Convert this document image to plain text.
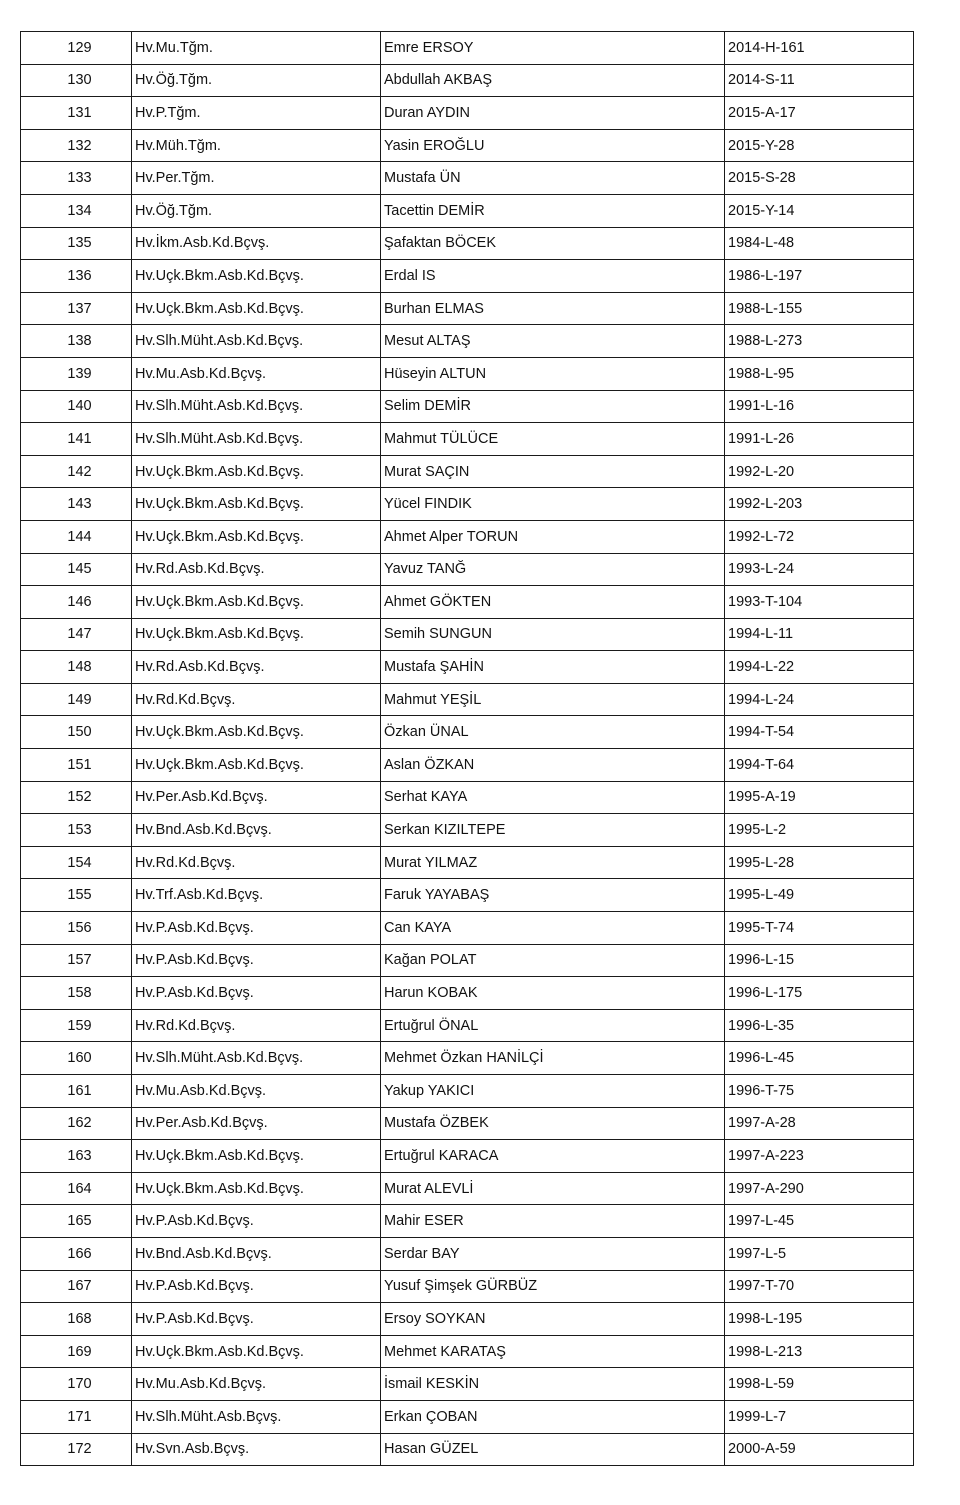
129	Hv.Mu.Tğm.	Emre ERSOY	2014-H-161
130	Hv.Öğ.Tğm.	Abdullah AKBAŞ	2014-S-11
131	Hv.P.Tğm.	Duran AYDIN	2015-A-17
132	Hv.Müh.Tğm.	Yasin EROĞLU	2015-Y-28
133	Hv.Per.Tğm.	Mustafa ÜN	2015-S-28
134	Hv.Öğ.Tğm.	Tacettin DEMİR	2015-Y-14
135	Hv.İkm.Asb.Kd.Bçvş.	Şafaktan BÖCEK	1984-L-48
136	Hv.Uçk.Bkm.Asb.Kd.Bçvş.	Erdal IS	1986-L-197
137	Hv.Uçk.Bkm.Asb.Kd.Bçvş.	Burhan ELMAS	1988-L-155
138	Hv.Slh.Müht.Asb.Kd.Bçvş.	Mesut ALTAŞ	1988-L-273
139	Hv.Mu.Asb.Kd.Bçvş.	Hüseyin ALTUN	1988-L-95
140	Hv.Slh.Müht.Asb.Kd.Bçvş.	Selim DEMİR	1991-L-16
141	Hv.Slh.Müht.Asb.Kd.Bçvş.	Mahmut TÜLÜCE	1991-L-26
142	Hv.Uçk.Bkm.Asb.Kd.Bçvş.	Murat SAÇIN	1992-L-20
143	Hv.Uçk.Bkm.Asb.Kd.Bçvş.	Yücel FINDIK	1992-L-203
144	Hv.Uçk.Bkm.Asb.Kd.Bçvş.	Ahmet Alper TORUN	1992-L-72
145	Hv.Rd.Asb.Kd.Bçvş.	Yavuz TANĞ	1993-L-24
146	Hv.Uçk.Bkm.Asb.Kd.Bçvş.	Ahmet GÖKTEN	1993-T-104
147	Hv.Uçk.Bkm.Asb.Kd.Bçvş.	Semih SUNGUN	1994-L-11
148	Hv.Rd.Asb.Kd.Bçvş.	Mustafa ŞAHİN	1994-L-22
149	Hv.Rd.Kd.Bçvş.	Mahmut YEŞİL	1994-L-24
150	Hv.Uçk.Bkm.Asb.Kd.Bçvş.	Özkan ÜNAL	1994-T-54
151	Hv.Uçk.Bkm.Asb.Kd.Bçvş.	Aslan ÖZKAN	1994-T-64
152	Hv.Per.Asb.Kd.Bçvş.	Serhat KAYA	1995-A-19
153	Hv.Bnd.Asb.Kd.Bçvş.	Serkan KIZILTEPE	1995-L-2
154	Hv.Rd.Kd.Bçvş.	Murat YILMAZ	1995-L-28
155	Hv.Trf.Asb.Kd.Bçvş.	Faruk YAYABAŞ	1995-L-49
156	Hv.P.Asb.Kd.Bçvş.	Can KAYA	1995-T-74
157	Hv.P.Asb.Kd.Bçvş.	Kağan POLAT	1996-L-15
158	Hv.P.Asb.Kd.Bçvş.	Harun KOBAK	1996-L-175
159	Hv.Rd.Kd.Bçvş.	Ertuğrul ÖNAL	1996-L-35
160	Hv.Slh.Müht.Asb.Kd.Bçvş.	Mehmet Özkan HANİLÇİ	1996-L-45
161	Hv.Mu.Asb.Kd.Bçvş.	Yakup YAKICI	1996-T-75
162	Hv.Per.Asb.Kd.Bçvş.	Mustafa ÖZBEK	1997-A-28
163	Hv.Uçk.Bkm.Asb.Kd.Bçvş.	Ertuğrul KARACA	1997-A-223
164	Hv.Uçk.Bkm.Asb.Kd.Bçvş.	Murat ALEVLİ	1997-A-290
165	Hv.P.Asb.Kd.Bçvş.	Mahir ESER	1997-L-45
166	Hv.Bnd.Asb.Kd.Bçvş.	Serdar BAY	1997-L-5
167	Hv.P.Asb.Kd.Bçvş.	Yusuf Şimşek GÜRBÜZ	1997-T-70
168	Hv.P.Asb.Kd.Bçvş.	Ersoy SOYKAN	1998-L-195
169	Hv.Uçk.Bkm.Asb.Kd.Bçvş.	Mehmet KARATAŞ	1998-L-213
170	Hv.Mu.Asb.Kd.Bçvş.	İsmail KESKİN	1998-L-59
171	Hv.Slh.Müht.Asb.Bçvş.	Erkan ÇOBAN	1999-L-7
172	Hv.Svn.Asb.Bçvş.	Hasan GÜZEL	2000-A-59
